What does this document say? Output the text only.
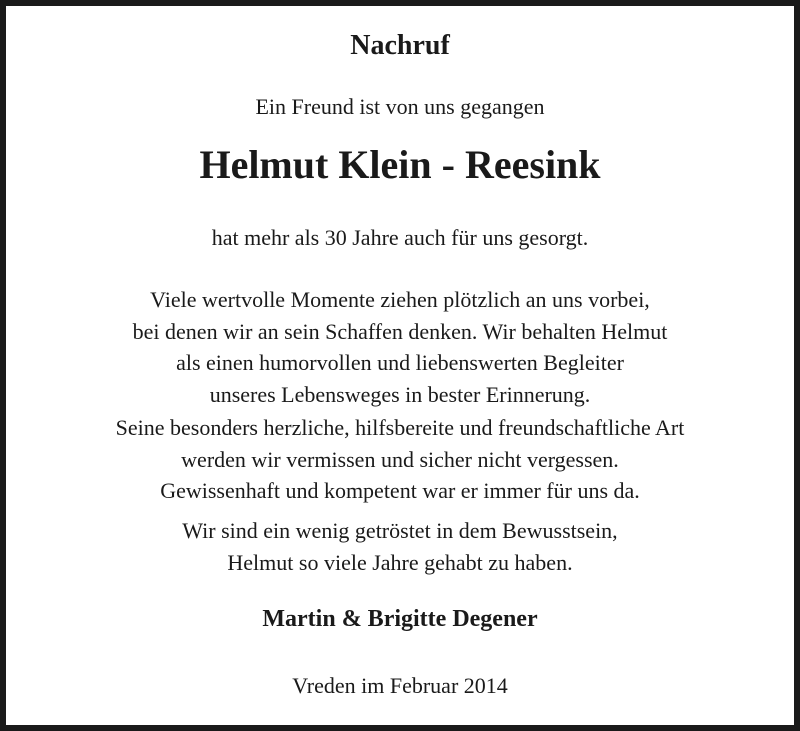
Nachruf
Ein Freund ist von uns gegangen
Helmut Klein - Reesink
hat mehr als 30 Jahre auch für uns gesorgt.
Viele wertvolle Momente ziehen plötzlich an uns vorbei,
bei denen wir an sein Schaffen denken. Wir behalten Helmut
als einen humorvollen und liebenswerten Begleiter
unseres Lebensweges in bester Erinnerung.
Seine besonders herzliche, hilfsbereite und freundschaftliche Art
werden wir vermissen und sicher nicht vergessen.
Gewissenhaft und kompetent war er immer für uns da.
Wir sind ein wenig getröstet in dem Bewusstsein,
Helmut so viele Jahre gehabt zu haben.
Martin & Brigitte Degener
Vreden im Februar 2014
